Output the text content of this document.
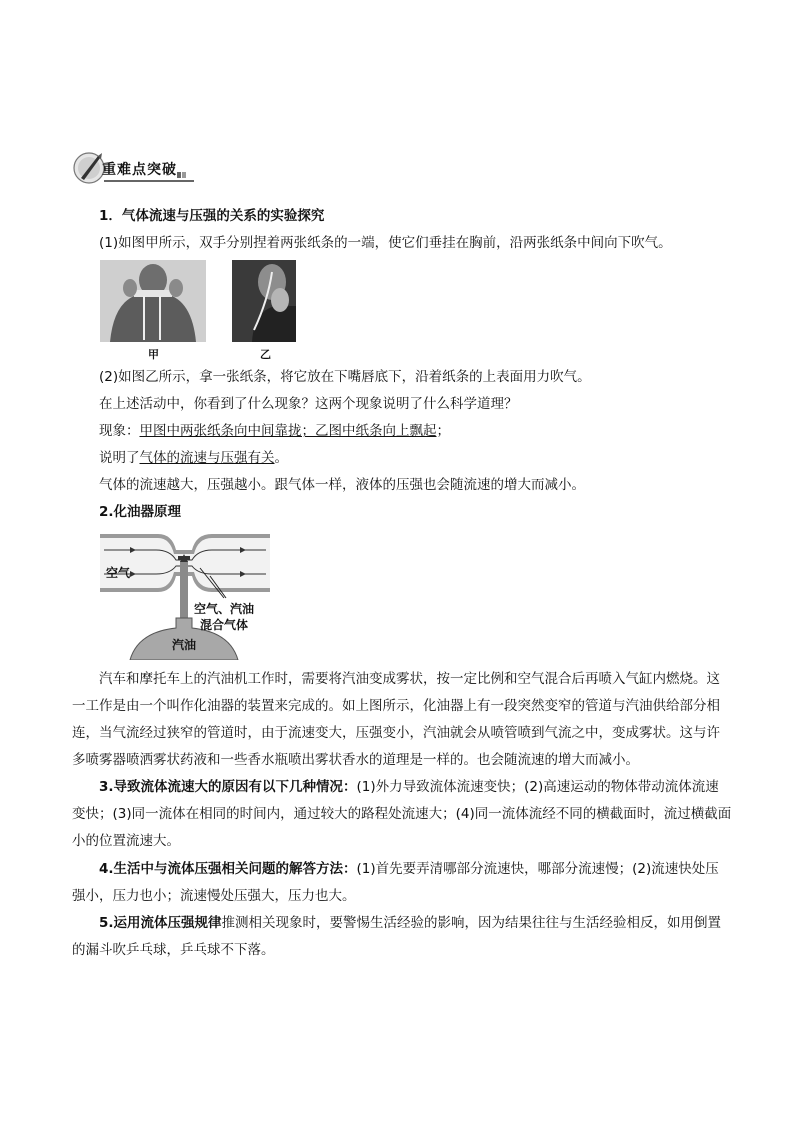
重难点突破
1．气体流速与压强的关系的实验探究
(1)如图甲所示，双手分别捏着两张纸条的一端，使它们垂挂在胸前，沿两张纸条中间向下吹气。
甲	乙
(2)如图乙所示，拿一张纸条，将它放在下嘴唇底下，沿着纸条的上表面用力吹气。
在上述活动中，你看到了什么现象？这两个现象说明了什么科学道理？
现象：甲图中两张纸条向中间靠拢；乙图中纸条向上飘起；
说明了气体的流速与压强有关。
气体的流速越大，压强越小。跟气体一样，液体的压强也会随流速的增大而减小。
2.化油器原理
空气
空气、汽油
混合气体
汽油
汽车和摩托车上的汽油机工作时，需要将汽油变成雾状，按一定比例和空气混合后再喷入气缸内燃烧。这一工作是由一个叫作化油器的装置来完成的。如上图所示，化油器上有一段突然变窄的管道与汽油供给部分相连，当气流经过狭窄的管道时，由于流速变大，压强变小，汽油就会从喷管喷到气流之中，变成雾状。这与许多喷雾器喷洒雾状药液和一些香水瓶喷出雾状香水的道理是一样的。也会随流速的增大而减小。
3.导致流体流速大的原因有以下几种情况：(1)外力导致流体流速变快；(2)高速运动的物体带动流体流速变快；(3)同一流体在相同的时间内，通过较大的路程处流速大；(4)同一流体流经不同的横截面时，流过横截面小的位置流速大。
4.生活中与流体压强相关问题的解答方法：(1)首先要弄清哪部分流速快，哪部分流速慢；(2)流速快处压强小，压力也小；流速慢处压强大，压力也大。
5.运用流体压强规律推测相关现象时，要警惕生活经验的影响，因为结果往往与生活经验相反，如用倒置的漏斗吹乒乓球，乒乓球不下落。
